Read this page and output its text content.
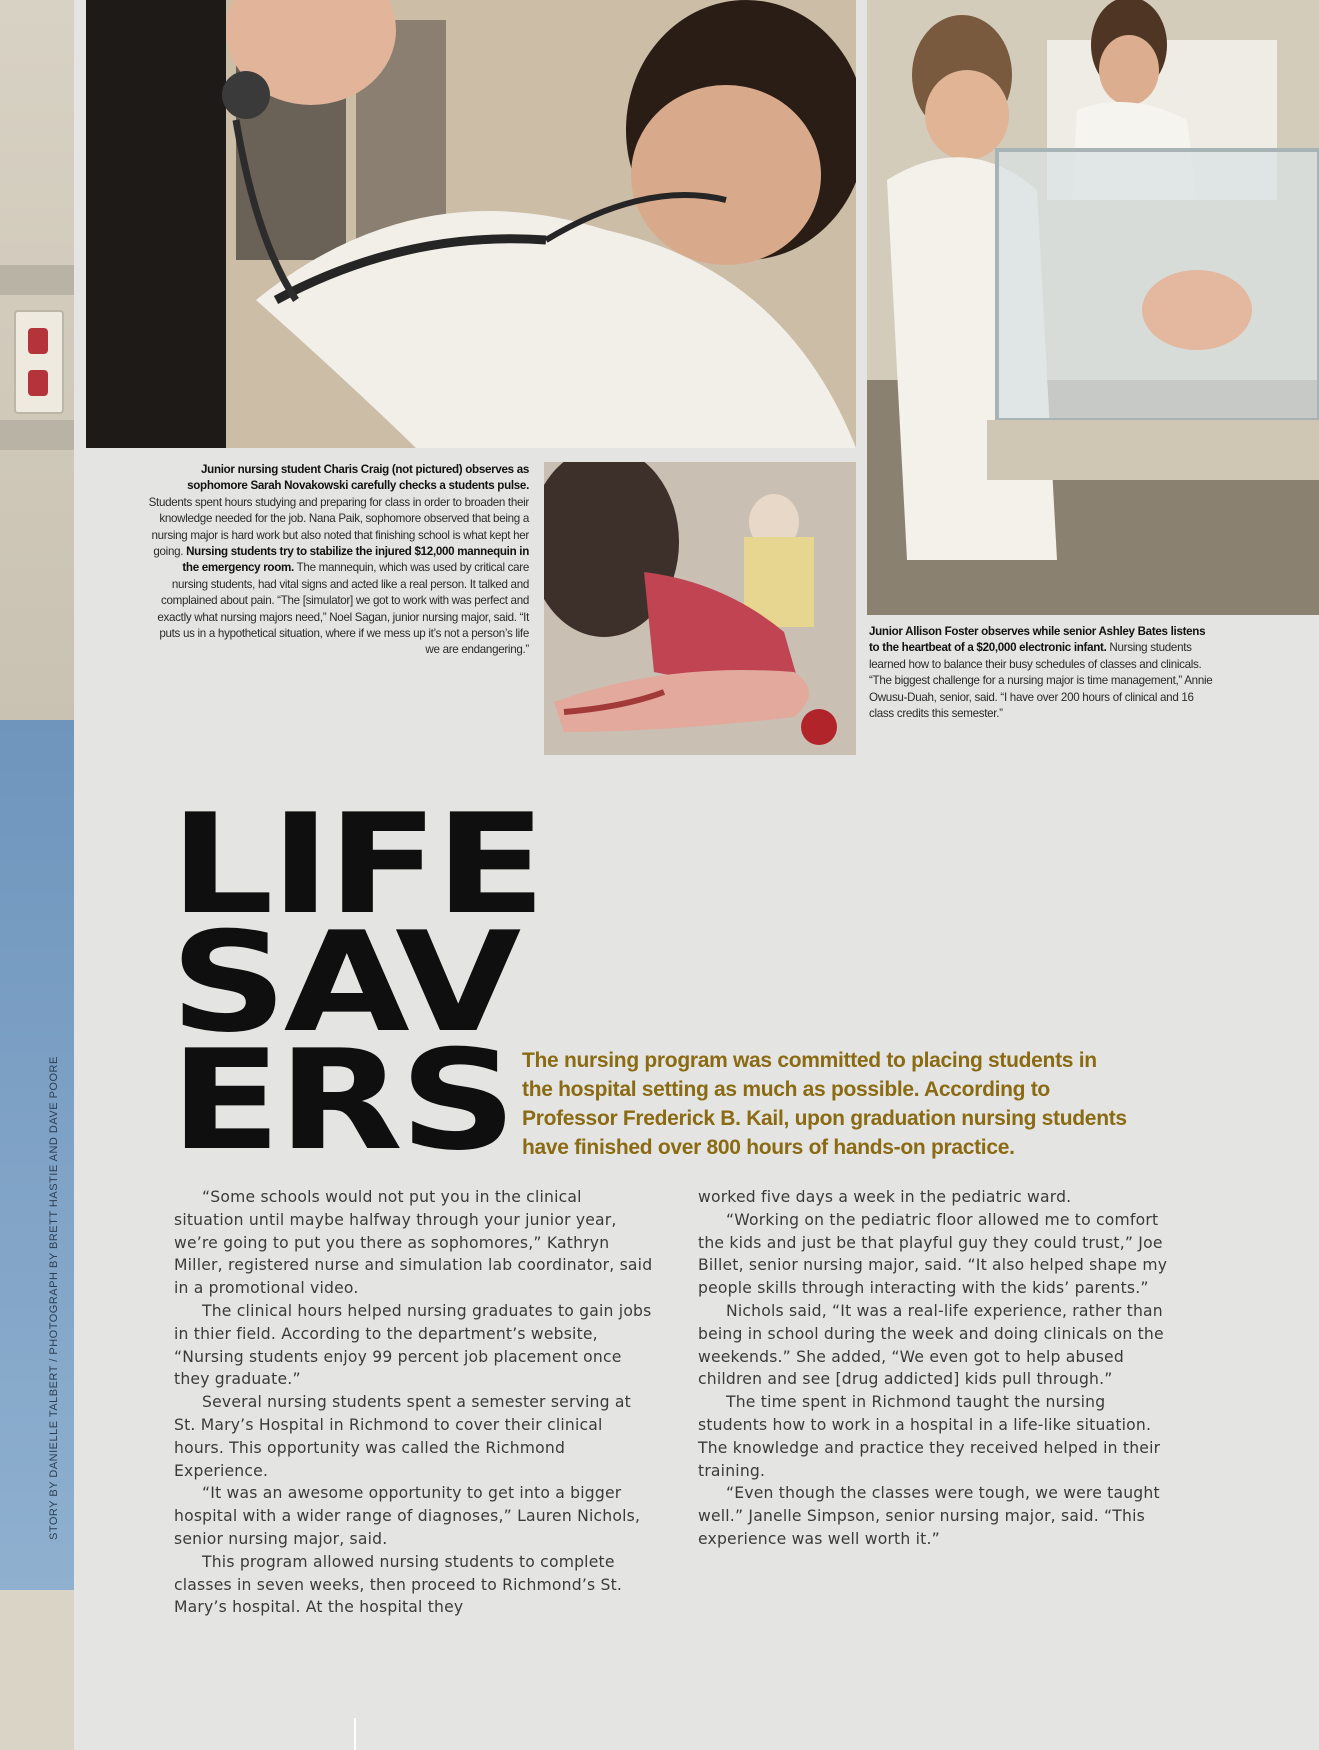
STORY BY DANIELLE TALBERT / PHOTOGRAPH BY BRETT HASTIE AND DAVE POORE

Junior nursing student Charis Craig (not pictured) observes as sophomore Sarah Novakowski carefully checks a students pulse. Students spent hours studying and preparing for class in order to broaden their knowledge needed for the job. Nana Paik, sophomore observed that being a nursing major is hard work but also noted that finishing school is what kept her going. Nursing students try to stabilize the injured $12,000 mannequin in the emergency room. The mannequin, which was used by critical care nursing students, had vital signs and acted like a real person. It talked and complained about pain. “The [simulator] we got to work with was perfect and exactly what nursing majors need,” Noel Sagan, junior nursing major, said. “It puts us in a hypothetical situation, where if we mess up it’s not a person’s life we are endangering.”

Junior Allison Foster observes while senior Ashley Bates listens to the heartbeat of a $20,000 electronic infant. Nursing students learned how to balance their busy schedules of classes and clinicals. “The biggest challenge for a nursing major is time management,” Annie Owusu-Duah, senior, said. “I have over 200 hours of clinical and 16 class credits this semester.”

LIFE
SAV
ERS The nursing program was committed to placing students in the hospital setting as much as possible. According to Professor Frederick B. Kail, upon graduation nursing students have finished over 800 hours of hands-on practice.

“Some schools would not put you in the clinical situation until maybe halfway through your junior year, we’re going to put you there as sophomores,” Kathryn Miller, registered nurse and simulation lab coordinator, said in a promotional video.

The clinical hours helped nursing graduates to gain jobs in thier field. According to the department’s website, “Nursing students enjoy 99 percent job placement once they graduate.”

Several nursing students spent a semester serving at St. Mary’s Hospital in Richmond to cover their clinical hours. This opportunity was called the Richmond Experience.

“It was an awesome opportunity to get into a bigger hospital with a wider range of diagnoses,” Lauren Nichols, senior nursing major, said.

This program allowed nursing students to complete classes in seven weeks, then proceed to Richmond’s St. Mary’s hospital. At the hospital they

worked five days a week in the pediatric ward.

“Working on the pediatric floor allowed me to comfort the kids and just be that playful guy they could trust,” Joe Billet, senior nursing major, said. “It also helped shape my people skills through interacting with the kids’ parents.”

Nichols said, “It was a real-life experience, rather than being in school during the week and doing clinicals on the weekends.” She added, “We even got to help abused children and see [drug addicted] kids pull through.”

The time spent in Richmond taught the nursing students how to work in a hospital in a life-like situation. The knowledge and practice they received helped in their training.

“Even though the classes were tough, we were taught well.” Janelle Simpson, senior nursing major, said. “This experience was well worth it.”
